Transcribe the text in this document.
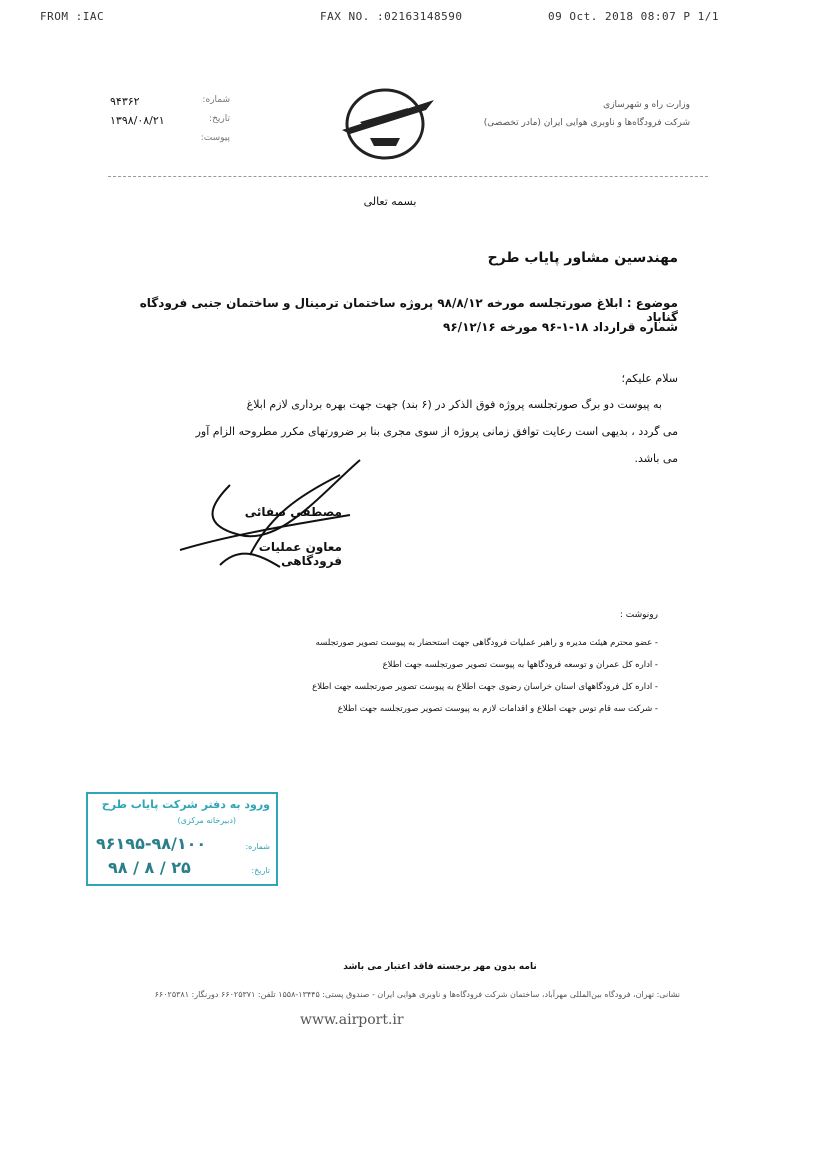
FROM :IAC	FAX NO. :02163148590	09 Oct. 2018 08:07 P 1/1
۹۴۳۶۲	شماره:
۱۳۹۸/۰۸/۲۱	تاریخ:
پیوست:
وزارت راه و شهرسازی
شرکت فرودگاه‌ها و ناوبری هوایی ایران (مادر تخصصی)
بسمه تعالی
مهندسین مشاور پایاب طرح
موضوع : ابلاغ صورتجلسه مورخه ۹۸/۸/۱۲ پروژه ساختمان ترمینال و ساختمان جنبی فرودگاه گناباد
شماره قرارداد ۱۸-۱-۹۶ مورخه ۹۶/۱۲/۱۶
سلام علیکم؛
به پیوست دو برگ صورتجلسه پروژه فوق الذکر در (۶ بند) جهت جهت بهره برداری لازم ابلاغ
می گردد ، بدیهی است رعایت توافق زمانی پروژه از سوی مجری بنا بر ضرورتهای مکرر مطروحه الزام آور
می باشد.
مصطفی صفائی
معاون عملیات فرودگاهی
رونوشت :
- عضو محترم هیئت مدیره و راهبر عملیات فرودگاهی جهت استحضار به پیوست تصویر صورتجلسه
- اداره کل عمران و توسعه فرودگاهها به پیوست تصویر صورتجلسه جهت اطلاع
- اداره کل فرودگاههای استان خراسان رضوی جهت اطلاع به پیوست تصویر صورتجلسه جهت اطلاع
- شرکت سه قام توس جهت اطلاع و اقدامات لازم به پیوست تصویر صورتجلسه جهت اطلاع
ورود به دفتر شرکت پایاب طرح
(دبیرخانه مرکزی)
۹۶۱۹۵-۹۸/۱۰۰	شماره:
۹۸ / ۸ / ۲۵	تاریخ:
نامه بدون مهر برجسته فاقد اعتبار می باشد
نشانی: تهران، فرودگاه بین‌المللی مهرآباد، ساختمان شرکت فرودگاه‌ها و ناوبری هوایی ایران - صندوق پستی: ۱۳۴۴۵-۱۵۵۸ تلفن: ۶۶۰۲۵۳۷۱ دورنگار: ۶۶۰۲۵۳۸۱
www.airport.ir
